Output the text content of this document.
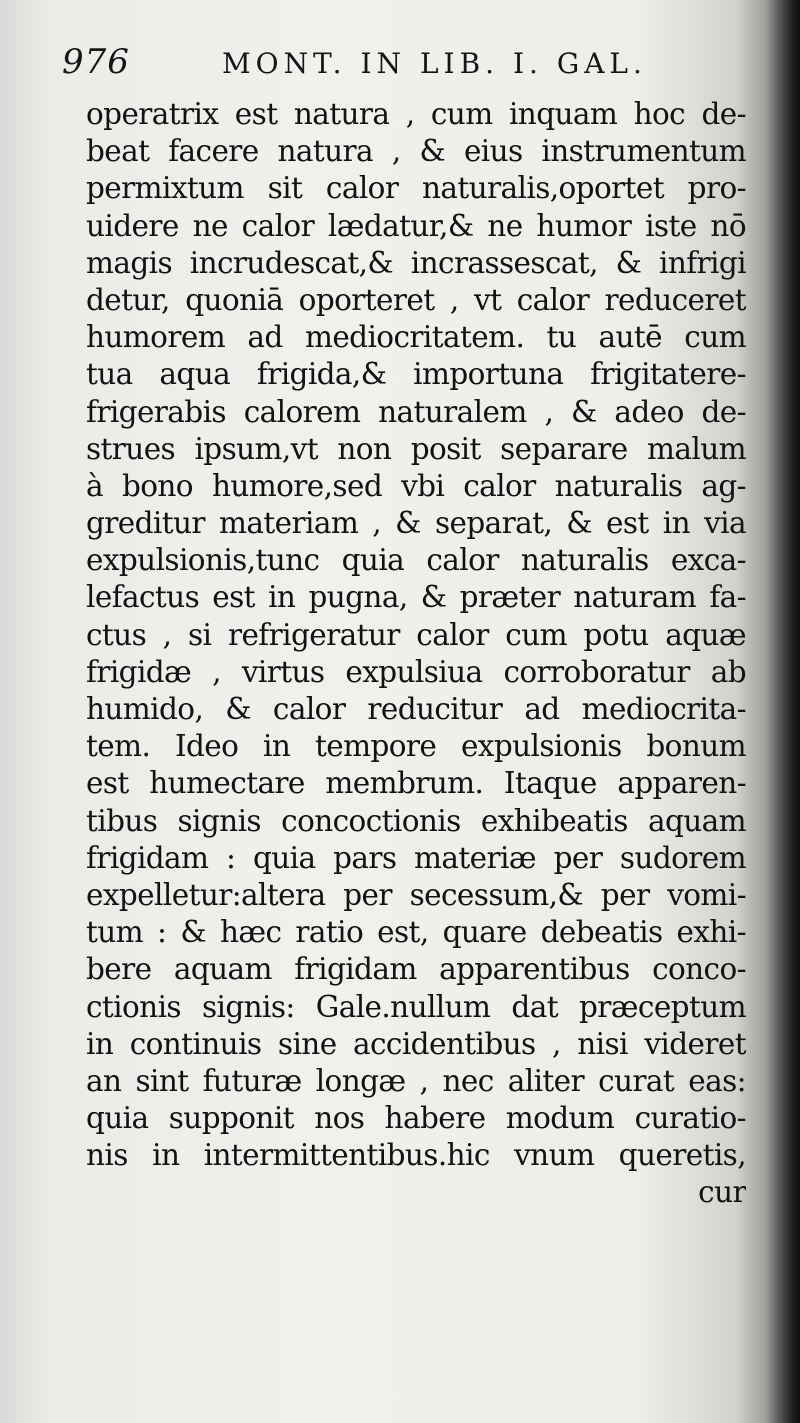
976	MONT. IN LIB. I. GAL.
operatrix est natura , cum inquam hoc de-
beat facere natura , & eius instrumentum
permixtum sit calor naturalis,oportet pro-
uidere ne calor lædatur,& ne humor iste nō
magis incrudescat,& incrassescat, & infrigi
detur, quoniā oporteret , vt calor reduceret
humorem ad mediocritatem. tu autē cum
tua aqua frigida,& importuna frigitatere-
frigerabis calorem naturalem , & adeo de-
strues ipsum,vt non posit separare malum
à bono humore,sed vbi calor naturalis ag-
greditur materiam , & separat, & est in via
expulsionis,tunc quia calor naturalis exca-
lefactus est in pugna, & præter naturam fa-
ctus , si refrigeratur calor cum potu aquæ
frigidæ , virtus expulsiua corroboratur ab
humido, & calor reducitur ad mediocrita-
tem. Ideo in tempore expulsionis bonum
est humectare membrum. Itaque apparen-
tibus signis concoctionis exhibeatis aquam
frigidam : quia pars materiæ per sudorem
expelletur:altera per secessum,& per vomi-
tum : & hæc ratio est, quare debeatis exhi-
bere aquam frigidam apparentibus conco-
ctionis signis: Gale.nullum dat præceptum
in continuis sine accidentibus , nisi videret
an sint futuræ longæ , nec aliter curat eas:
quia supponit nos habere modum curatio-
nis in intermittentibus.hic vnum queretis,
cur
